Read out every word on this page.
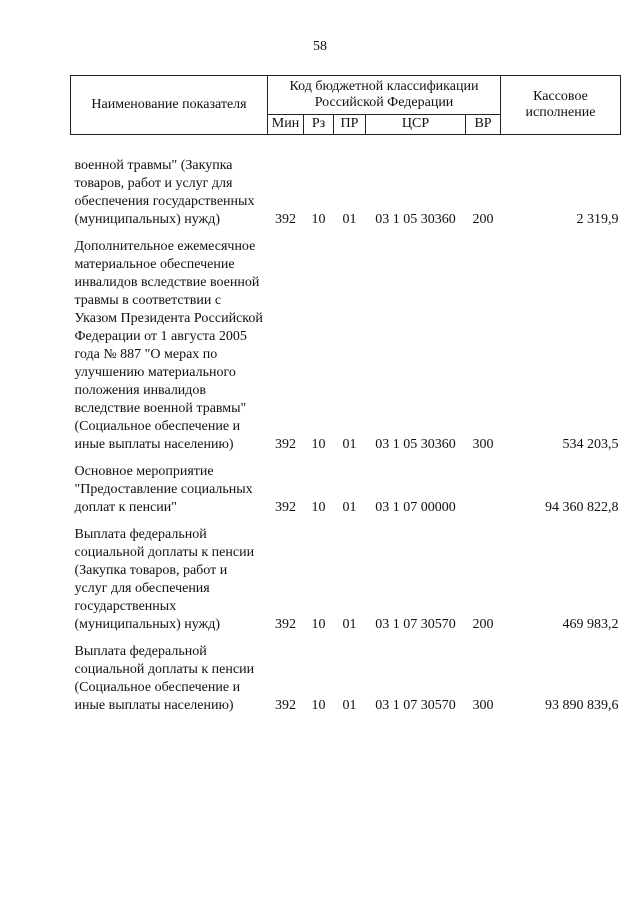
58
Наименование показателя	Код бюджетной классификации Российской Федерации					Кассовое исполнение
	Мин	Рз	ПР	ЦСР	ВР	

военной травмы" (Закупка товаров, работ и услуг для обеспечения государственных (муниципальных) нужд)	392	10	01	03 1 05 30360	200	2 319,9
Дополнительное ежемесячное материальное обеспечение инвалидов вследствие военной травмы в соответствии с Указом Президента Российской Федерации от 1 августа 2005 года № 887 "О мерах по улучшению материального положения инвалидов вследствие военной травмы" (Социальное обеспечение и иные выплаты населению)	392	10	01	03 1 05 30360	300	534 203,5
Основное мероприятие "Предоставление социальных доплат к пенсии"	392	10	01	03 1 07 00000		94 360 822,8
Выплата федеральной социальной доплаты к пенсии (Закупка товаров, работ и услуг для обеспечения государственных (муниципальных) нужд)	392	10	01	03 1 07 30570	200	469 983,2
Выплата федеральной социальной доплаты к пенсии (Социальное обеспечение и иные выплаты населению)	392	10	01	03 1 07 30570	300	93 890 839,6
